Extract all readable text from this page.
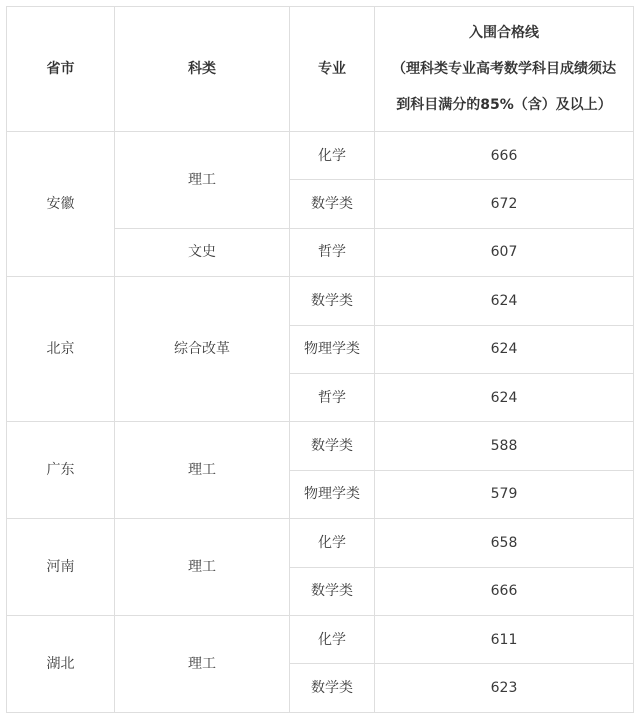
省市	科类	专业	入围合格线
（理科类专业高考数学科目成绩须达
到科目满分的85%（含）及以上）

安徽	理工	化学	666
		数学类	672
	文史	哲学	607
北京	综合改革	数学类	624
		物理学类	624
		哲学	624
广东	理工	数学类	588
		物理学类	579
河南	理工	化学	658
		数学类	666
湖北	理工	化学	611
		数学类	623
